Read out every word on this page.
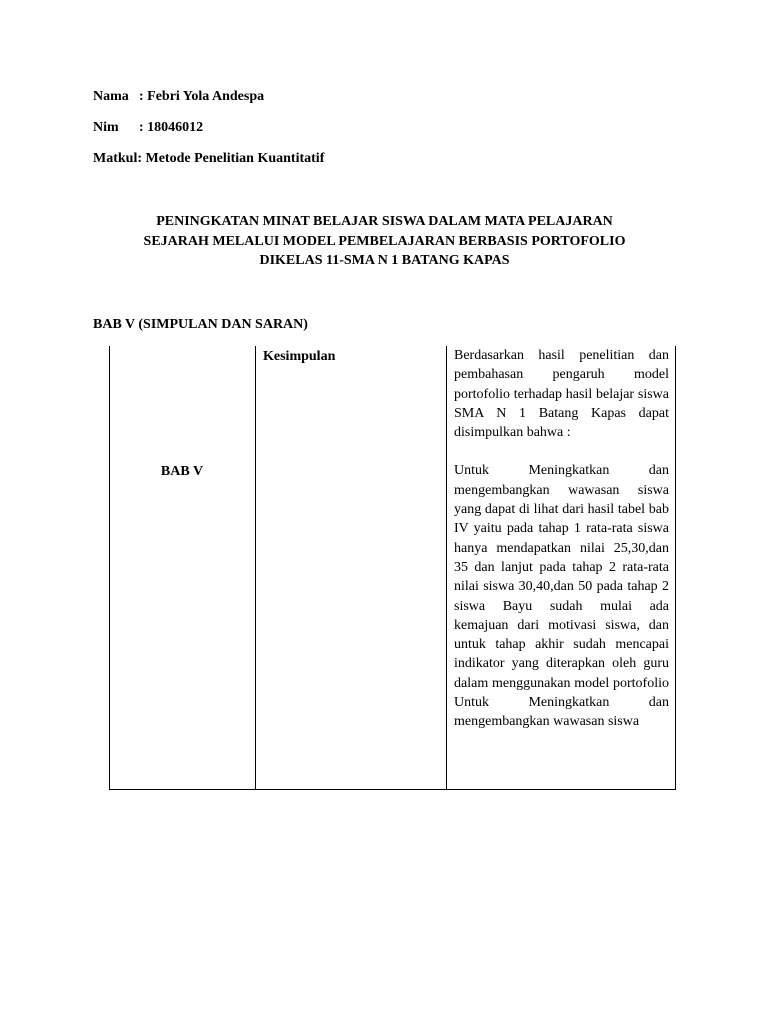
Nama : Febri Yola Andespa
Nim : 18046012
Matkul: Metode Penelitian Kuantitatif
PENINGKATAN MINAT BELAJAR SISWA DALAM MATA PELAJARAN
SEJARAH MELALUI MODEL PEMBELAJARAN BERBASIS PORTOFOLIO
DIKELAS 11-SMA N 1 BATANG KAPAS
BAB V (SIMPULAN DAN SARAN)
BAB V
Kesimpulan	Berdasarkan hasil penelitian dan pembahasan pengaruh model portofolio terhadap hasil belajar siswa SMA N 1 Batang Kapas dapat disimpulkan bahwa :

Untuk Meningkatkan dan mengembangkan wawasan siswa yang dapat di lihat dari hasil tabel bab IV yaitu pada tahap 1 rata-rata siswa hanya mendapatkan nilai 25,30,dan 35 dan lanjut pada tahap 2 rata-rata nilai siswa 30,40,dan 50 pada tahap 2 siswa Bayu sudah mulai ada kemajuan dari motivasi siswa, dan untuk tahap akhir sudah mencapai indikator yang diterapkan oleh guru dalam menggunakan model portofolio Untuk Meningkatkan dan mengembangkan wawasan siswa
